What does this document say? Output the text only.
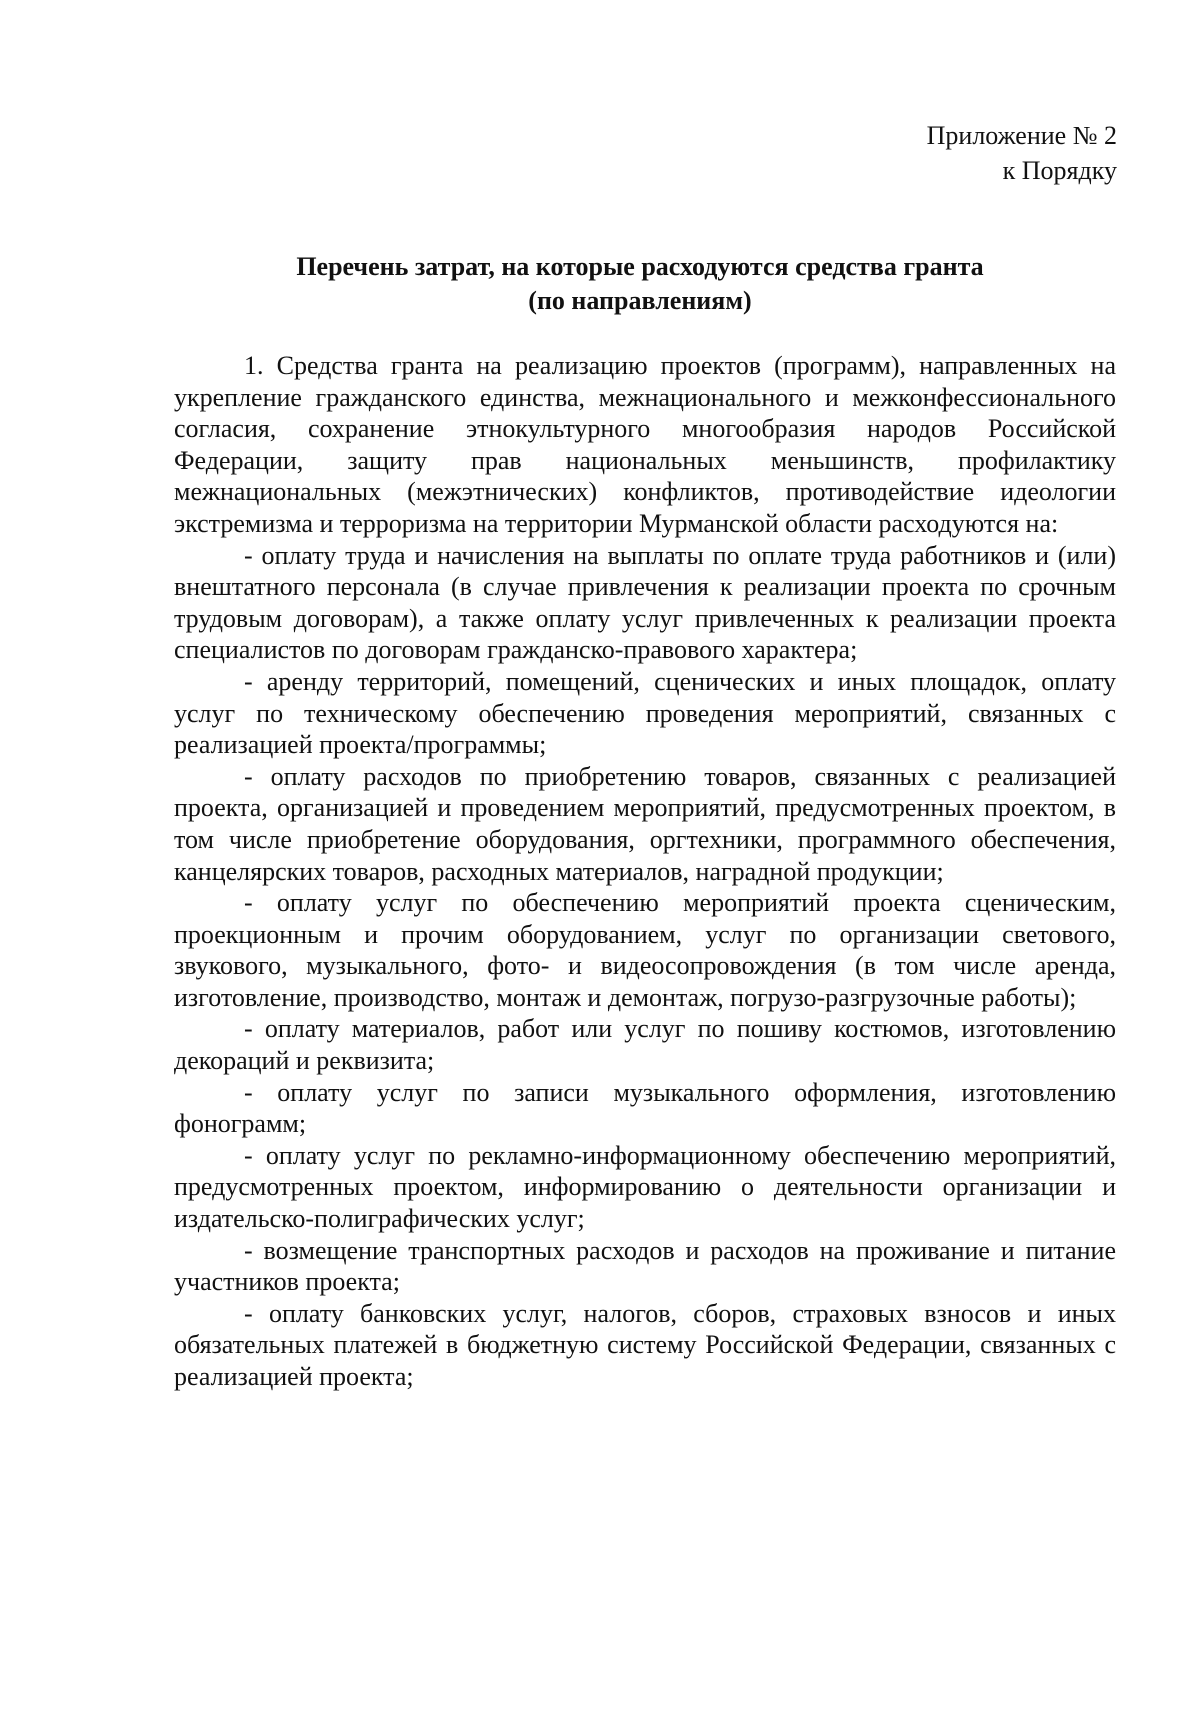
Приложение № 2
к Порядку
Перечень затрат, на которые расходуются средства гранта
(по направлениям)

1. Средства гранта на реализацию проектов (программ), направленных на укрепление гражданского единства, межнационального и межконфессионального согласия, сохранение этнокультурного многообразия народов Российской Федерации, защиту прав национальных меньшинств, профилактику межнациональных (межэтнических) конфликтов, противодействие идеологии экстремизма и терроризма на территории Мурманской области расходуются на:

- оплату труда и начисления на выплаты по оплате труда работников и (или) внештатного персонала (в случае привлечения к реализации проекта по срочным трудовым договорам), а также оплату услуг привлеченных к реализации проекта специалистов по договорам гражданско-правового характера;

- аренду территорий, помещений, сценических и иных площадок, оплату услуг по техническому обеспечению проведения мероприятий, связанных с реализацией проекта/программы;

- оплату расходов по приобретению товаров, связанных с реализацией проекта, организацией и проведением мероприятий, предусмотренных проектом, в том числе приобретение оборудования, оргтехники, программного обеспечения, канцелярских товаров, расходных материалов, наградной продукции;

- оплату услуг по обеспечению мероприятий проекта сценическим, проекционным и прочим оборудованием, услуг по организации светового, звукового, музыкального, фото- и видеосопровождения (в том числе аренда, изготовление, производство, монтаж и демонтаж, погрузо-разгрузочные работы);

- оплату материалов, работ или услуг по пошиву костюмов, изготовлению декораций и реквизита;

- оплату услуг по записи музыкального оформления, изготовлению фонограмм;

- оплату услуг по рекламно-информационному обеспечению мероприятий, предусмотренных проектом, информированию о деятельности организации и издательско-полиграфических услуг;

- возмещение транспортных расходов и расходов на проживание и питание участников проекта;

- оплату банковских услуг, налогов, сборов, страховых взносов и иных обязательных платежей в бюджетную систему Российской Федерации, связанных с реализацией проекта;
